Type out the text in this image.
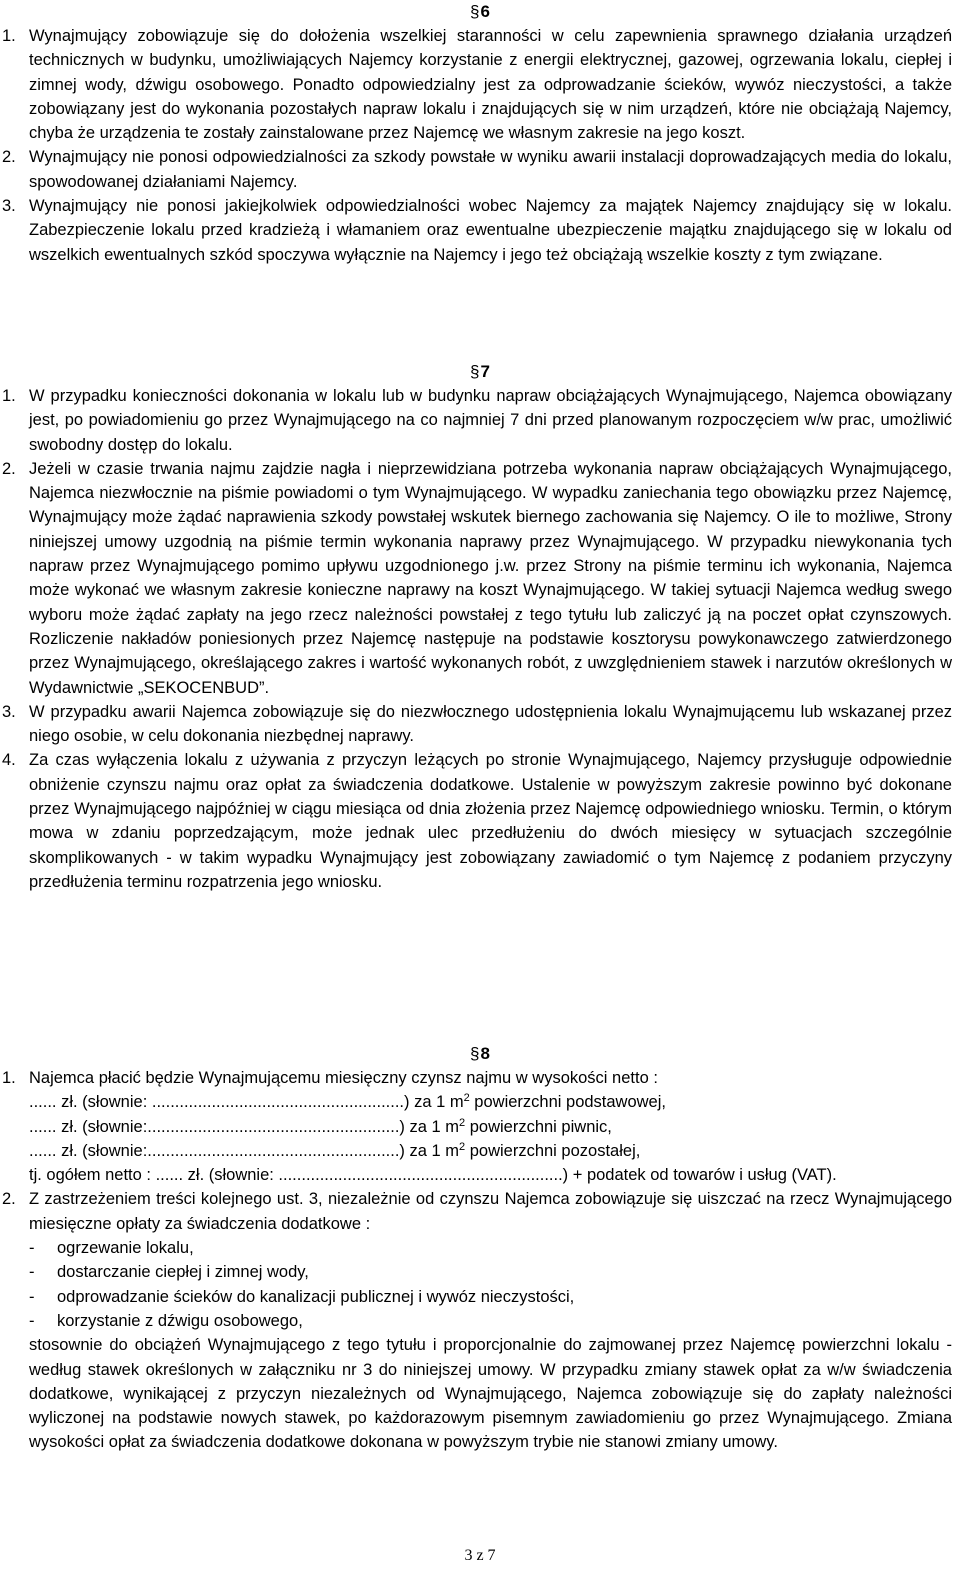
§6

1. Wynajmujący zobowiązuje się do dołożenia wszelkiej staranności w celu zapewnienia sprawnego działania urządzeń technicznych w budynku, umożliwiających Najemcy korzystanie z energii elektrycznej, gazowej, ogrzewania lokalu, ciepłej i zimnej wody, dźwigu osobowego. Ponadto odpowiedzialny jest za odprowadzanie ścieków, wywóz nieczystości, a także zobowiązany jest do wykonania pozostałych napraw lokalu i znajdujących się w nim urządzeń, które nie obciążają Najemcy, chyba że urządzenia te zostały zainstalowane przez Najemcę we własnym zakresie na jego koszt.
2. Wynajmujący nie ponosi odpowiedzialności za szkody powstałe w wyniku awarii instalacji doprowadzających media do lokalu, spowodowanej działaniami Najemcy.
3. Wynajmujący nie ponosi jakiejkolwiek odpowiedzialności wobec Najemcy za majątek Najemcy znajdujący się w lokalu. Zabezpieczenie lokalu przed kradzieżą i włamaniem oraz ewentualne ubezpieczenie majątku znajdującego się w lokalu od wszelkich ewentualnych szkód spoczywa wyłącznie na Najemcy i jego też obciążają wszelkie koszty z tym związane.

§7

1. W przypadku konieczności dokonania w lokalu lub w budynku napraw obciążających Wynajmującego, Najemca obowiązany jest, po powiadomieniu go przez Wynajmującego na co najmniej 7 dni przed planowanym rozpoczęciem w/w prac, umożliwić swobodny dostęp do lokalu.
2. Jeżeli w czasie trwania najmu zajdzie nagła i nieprzewidziana potrzeba wykonania napraw obciążających Wynajmującego, Najemca niezwłocznie na piśmie powiadomi o tym Wynajmującego. W wypadku zaniechania tego obowiązku przez Najemcę, Wynajmujący może żądać naprawienia szkody powstałej wskutek biernego zachowania się Najemcy. O ile to możliwe, Strony niniejszej umowy uzgodnią na piśmie termin wykonania naprawy przez Wynajmującego. W przypadku niewykonania tych napraw przez Wynajmującego pomimo upływu uzgodnionego j.w. przez Strony na piśmie terminu ich wykonania, Najemca może wykonać we własnym zakresie konieczne naprawy na koszt Wynajmującego. W takiej sytuacji Najemca według swego wyboru może żądać zapłaty na jego rzecz należności powstałej z tego tytułu lub zaliczyć ją na poczet opłat czynszowych. Rozliczenie nakładów poniesionych przez Najemcę następuje na podstawie kosztorysu powykonawczego zatwierdzonego przez Wynajmującego, określającego zakres i wartość wykonanych robót, z uwzględnieniem stawek i narzutów określonych w Wydawnictwie „SEKOCENBUD”.
3. W przypadku awarii Najemca zobowiązuje się do niezwłocznego udostępnienia lokalu Wynajmującemu lub wskazanej przez niego osobie, w celu dokonania niezbędnej naprawy.
4. Za czas wyłączenia lokalu z używania z przyczyn leżących po stronie Wynajmującego, Najemcy przysługuje odpowiednie obniżenie czynszu najmu oraz opłat za świadczenia dodatkowe. Ustalenie w powyższym zakresie powinno być dokonane przez Wynajmującego najpóźniej w ciągu miesiąca od dnia złożenia przez Najemcę odpowiedniego wniosku. Termin, o którym mowa w zdaniu poprzedzającym, może jednak ulec przedłużeniu do dwóch miesięcy w sytuacjach szczególnie skomplikowanych - w takim wypadku Wynajmujący jest zobowiązany zawiadomić o tym Najemcę z podaniem przyczyny przedłużenia terminu rozpatrzenia jego wniosku.

§8

1. Najemca płacić będzie Wynajmującemu miesięczny czynsz najmu w wysokości netto :
...... zł. (słownie: .......................................................) za 1 $m^2$ powierzchni podstawowej,
...... zł. (słownie:.......................................................) za 1 $m^2$ powierzchni piwnic,
...... zł. (słownie:.......................................................) za 1 $m^2$ powierzchni pozostałej,
tj. ogółem netto : ...... zł. (słownie: ..............................................................) + podatek od towarów i usług (VAT).
2. Z zastrzeżeniem treści kolejnego ust. 3, niezależnie od czynszu Najemca zobowiązuje się uiszczać na rzecz Wynajmującego miesięczne opłaty za świadczenia dodatkowe :
-	ogrzewanie lokalu,
-	dostarczanie ciepłej i zimnej wody,
-	odprowadzanie ścieków do kanalizacji publicznej i wywóz nieczystości,
-	korzystanie z dźwigu osobowego,
stosownie do obciążeń Wynajmującego z tego tytułu i proporcjonalnie do zajmowanej przez Najemcę powierzchni lokalu - według stawek określonych w załączniku nr 3 do niniejszej umowy. W przypadku zmiany stawek opłat za w/w świadczenia dodatkowe, wynikającej z przyczyn niezależnych od Wynajmującego, Najemca zobowiązuje się do zapłaty należności wyliczonej na podstawie nowych stawek, po każdorazowym pisemnym zawiadomieniu go przez Wynajmującego. Zmiana wysokości opłat za świadczenia dodatkowe dokonana w powyższym trybie nie stanowi zmiany umowy.
3 z 7
